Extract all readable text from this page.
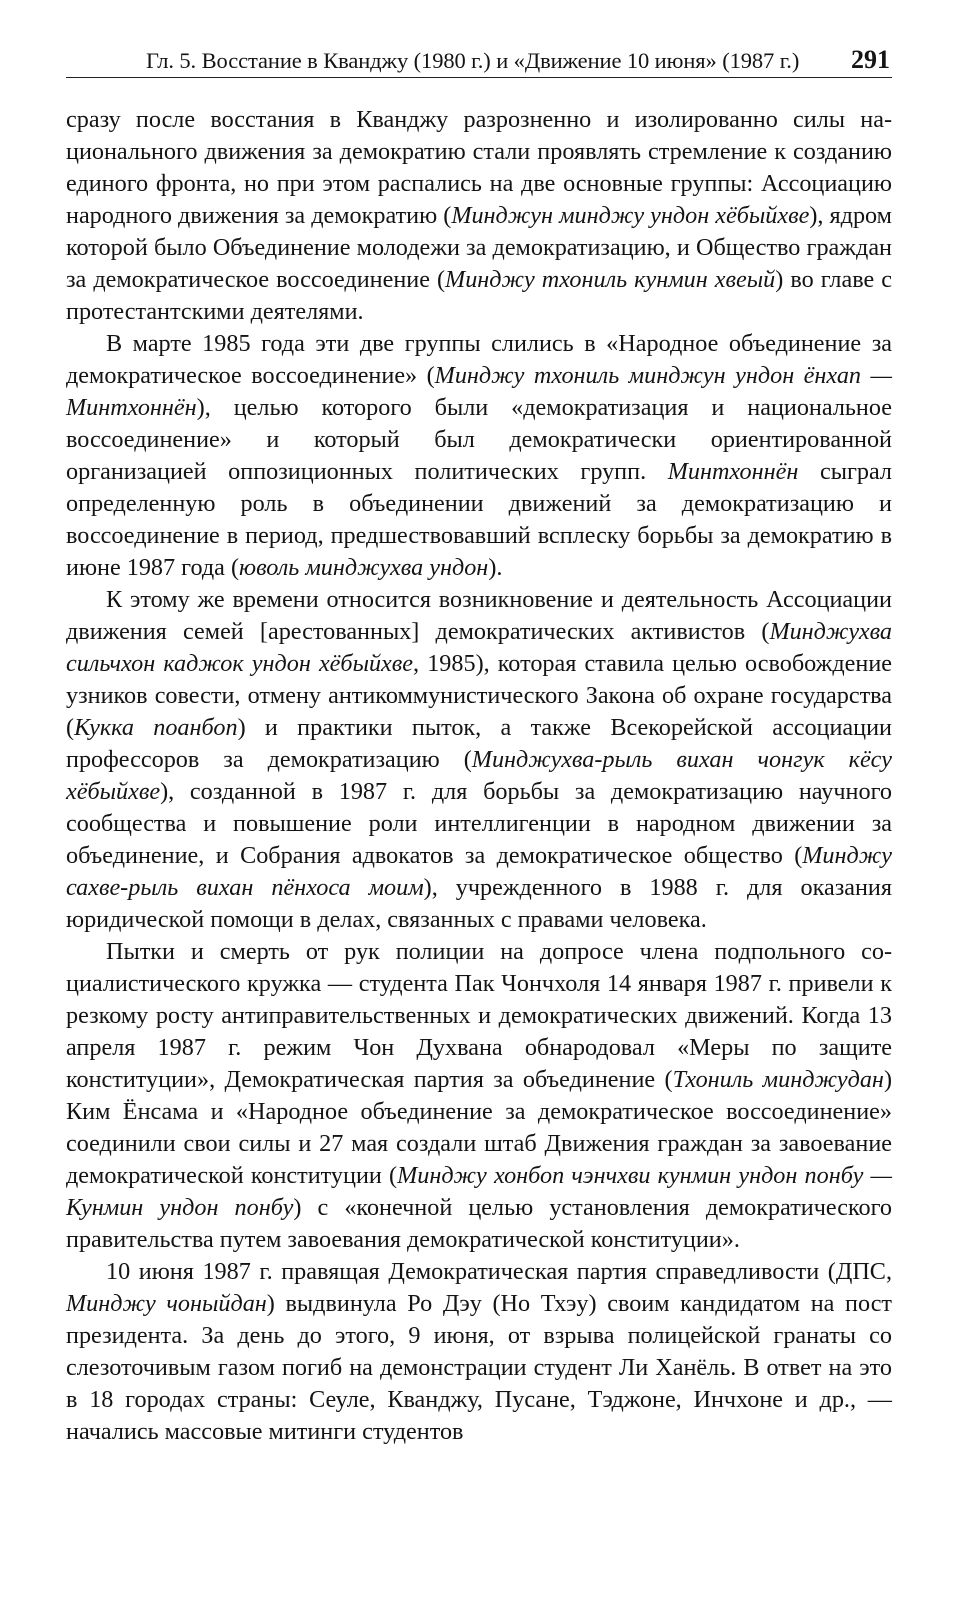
Гл. 5. Восстание в Кванджу (1980 г.) и «Движение 10 июня» (1987 г.) 291

сразу после восстания в Кванджу разрозненно и изолированно силы национального движения за демократию стали проявлять стремление к созданию единого фронта, но при этом распались на две основные группы: Ассоциацию народного движения за демократию (Минджун минджу ундон хёбыйхве), ядром которой было Объединение молодежи за демократизацию, и Общество граждан за демократическое воссоединение (Минджу тхониль кунмин хвеый) во главе с протестантскими деятелями.

В марте 1985 года эти две группы слились в «Народное объединение за демократическое воссоединение» (Минджу тхониль минджун ундон ёнхап — Минтхоннён), целью которого были «демократизация и национальное воссоединение» и который был демократически ориентированной организацией оппозиционных политических групп. Минтхоннён сыграл определенную роль в объединении движений за демократизацию и воссоединение в период, предшествовавший всплеску борьбы за демократию в июне 1987 года (юволь минджухва ундон).

К этому же времени относится возникновение и деятельность Ассоциации движения семей [арестованных] демократических активистов (Минджухва сильчхон каджок ундон хёбыйхве, 1985), которая ставила целью освобождение узников совести, отмену антикоммунистического Закона об охране государства (Кукка поанбоп) и практики пыток, а также Всекорейской ассоциации профессоров за демократизацию (Минджухва-рыль вихан чонгук кёсу хёбыйхве), созданной в 1987 г. для борьбы за демократизацию научного сообщества и повышение роли интеллигенции в народном движении за объединение, и Собрания адвокатов за демократическое общество (Минджу сахве-рыль вихан пёнхоса моим), учрежденного в 1988 г. для оказания юридической помощи в делах, связанных с правами человека.

Пытки и смерть от рук полиции на допросе члена подпольного социалистического кружка — студента Пак Чончхоля 14 января 1987 г. привели к резкому росту антиправительственных и демократических движений. Когда 13 апреля 1987 г. режим Чон Духвана обнародовал «Меры по защите конституции», Демократическая партия за объединение (Тхониль минджудан) Ким Ёнсама и «Народное объединение за демократическое воссоединение» соединили свои силы и 27 мая создали штаб Движения граждан за завоевание демократической конституции (Минджу хонбоп чэнчхви кунмин ундон понбу — Кунмин ундон понбу) с «конечной целью установления демократического правительства путем завоевания демократической конституции».

10 июня 1987 г. правящая Демократическая партия справедливости (ДПС, Минджу чоныйдан) выдвинула Ро Дэу (Но Тхэу) своим кандидатом на пост президента. За день до этого, 9 июня, от взрыва полицейской гранаты со слезоточивым газом погиб на демонстрации студент Ли Ханёль. В ответ на это в 18 городах страны: Сеуле, Кванджу, Пусане, Тэджоне, Инчхоне и др., — начались массовые митинги студентов
